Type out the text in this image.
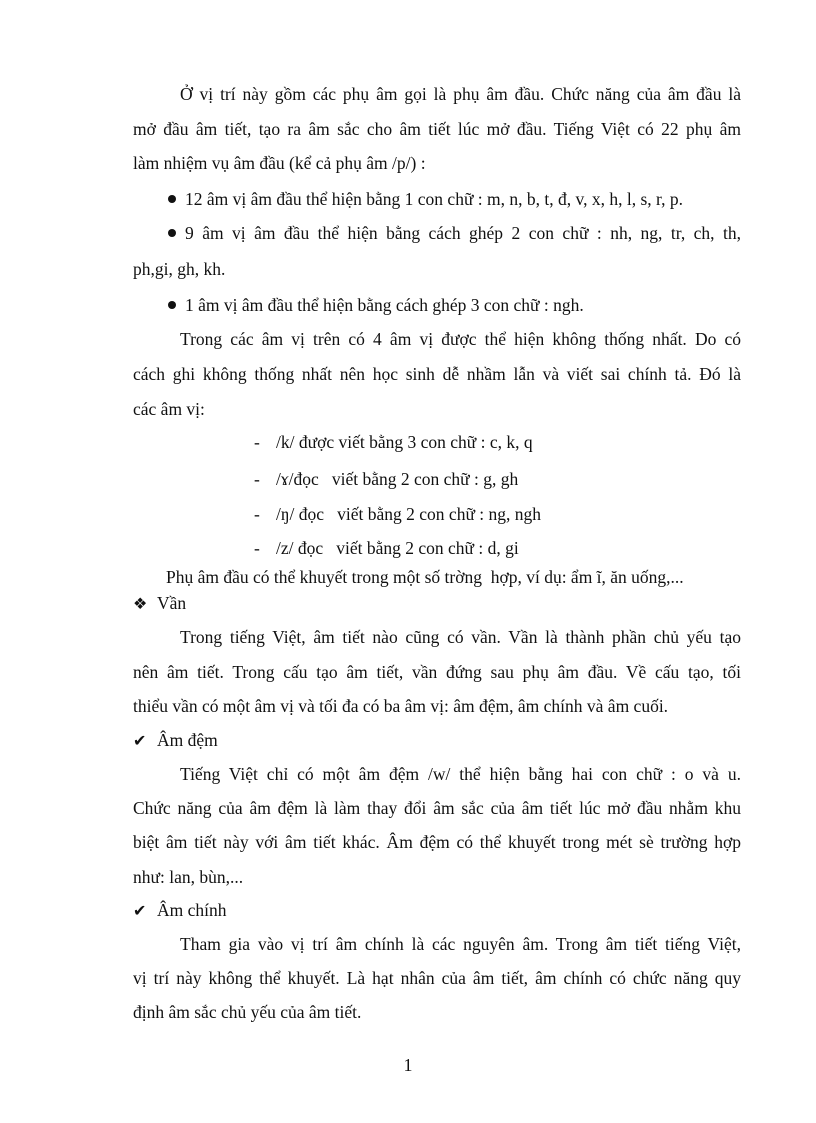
Ở vị trí này gồm các phụ âm gọi là phụ âm đầu. Chức năng của âm đầu là
mở đầu âm tiết, tạo ra âm sắc cho âm tiết lúc mở đầu. Tiếng Việt có 22 phụ âm
làm nhiệm vụ âm đầu (kể cả phụ âm /p/) :
12 âm vị âm đầu thể hiện bằng 1 con chữ : m, n, b, t, đ, v, x, h, l, s, r, p.
9 âm vị âm đầu thể hiện bằng cách ghép 2 con chữ : nh, ng, tr, ch, th,
ph,gi, gh, kh.
1 âm vị âm đầu thể hiện bằng cách ghép 3 con chữ : ngh.
Trong các âm vị trên có 4 âm vị được thể hiện không thống nhất. Do có
cách ghi không thống nhất nên học sinh dễ nhầm lẫn và viết sai chính tả. Đó là
các âm vị:
- /k/ được viết bằng 3 con chữ : c, k, q
- /ɤ/đọc   viết bằng 2 con chữ : g, gh
- /ŋ/ đọc   viết bằng 2 con chữ : ng, ngh
- /z/ đọc   viết bằng 2 con chữ : d, gi
Phụ âm đầu có thể khuyết trong một số trờng  hợp, ví dụ: ẩm ĩ, ăn uống,...
❖ Vần
Trong tiếng Việt, âm tiết nào cũng có vần. Vần là thành phần chủ yếu tạo
nên âm tiết. Trong cấu tạo âm tiết, vần đứng sau phụ âm đầu. Về cấu tạo, tối
thiểu vần có một âm vị và tối đa có ba âm vị: âm đệm, âm chính và âm cuối.
✔ Âm đệm
Tiếng Việt chỉ có một âm đệm /w/ thể hiện bằng hai con chữ : o và u.
Chức năng của âm đệm là làm thay đổi âm sắc của âm tiết lúc mở đầu nhằm khu
biệt âm tiết này với âm tiết khác. Âm đệm có thể khuyết trong mét sè trường hợp
như: lan, bùn,...
✔ Âm chính
Tham gia vào vị trí âm chính là các nguyên âm. Trong âm tiết tiếng Việt,
vị trí này không thể khuyết. Là hạt nhân của âm tiết, âm chính có chức năng quy
định âm sắc chủ yếu của âm tiết.
1
